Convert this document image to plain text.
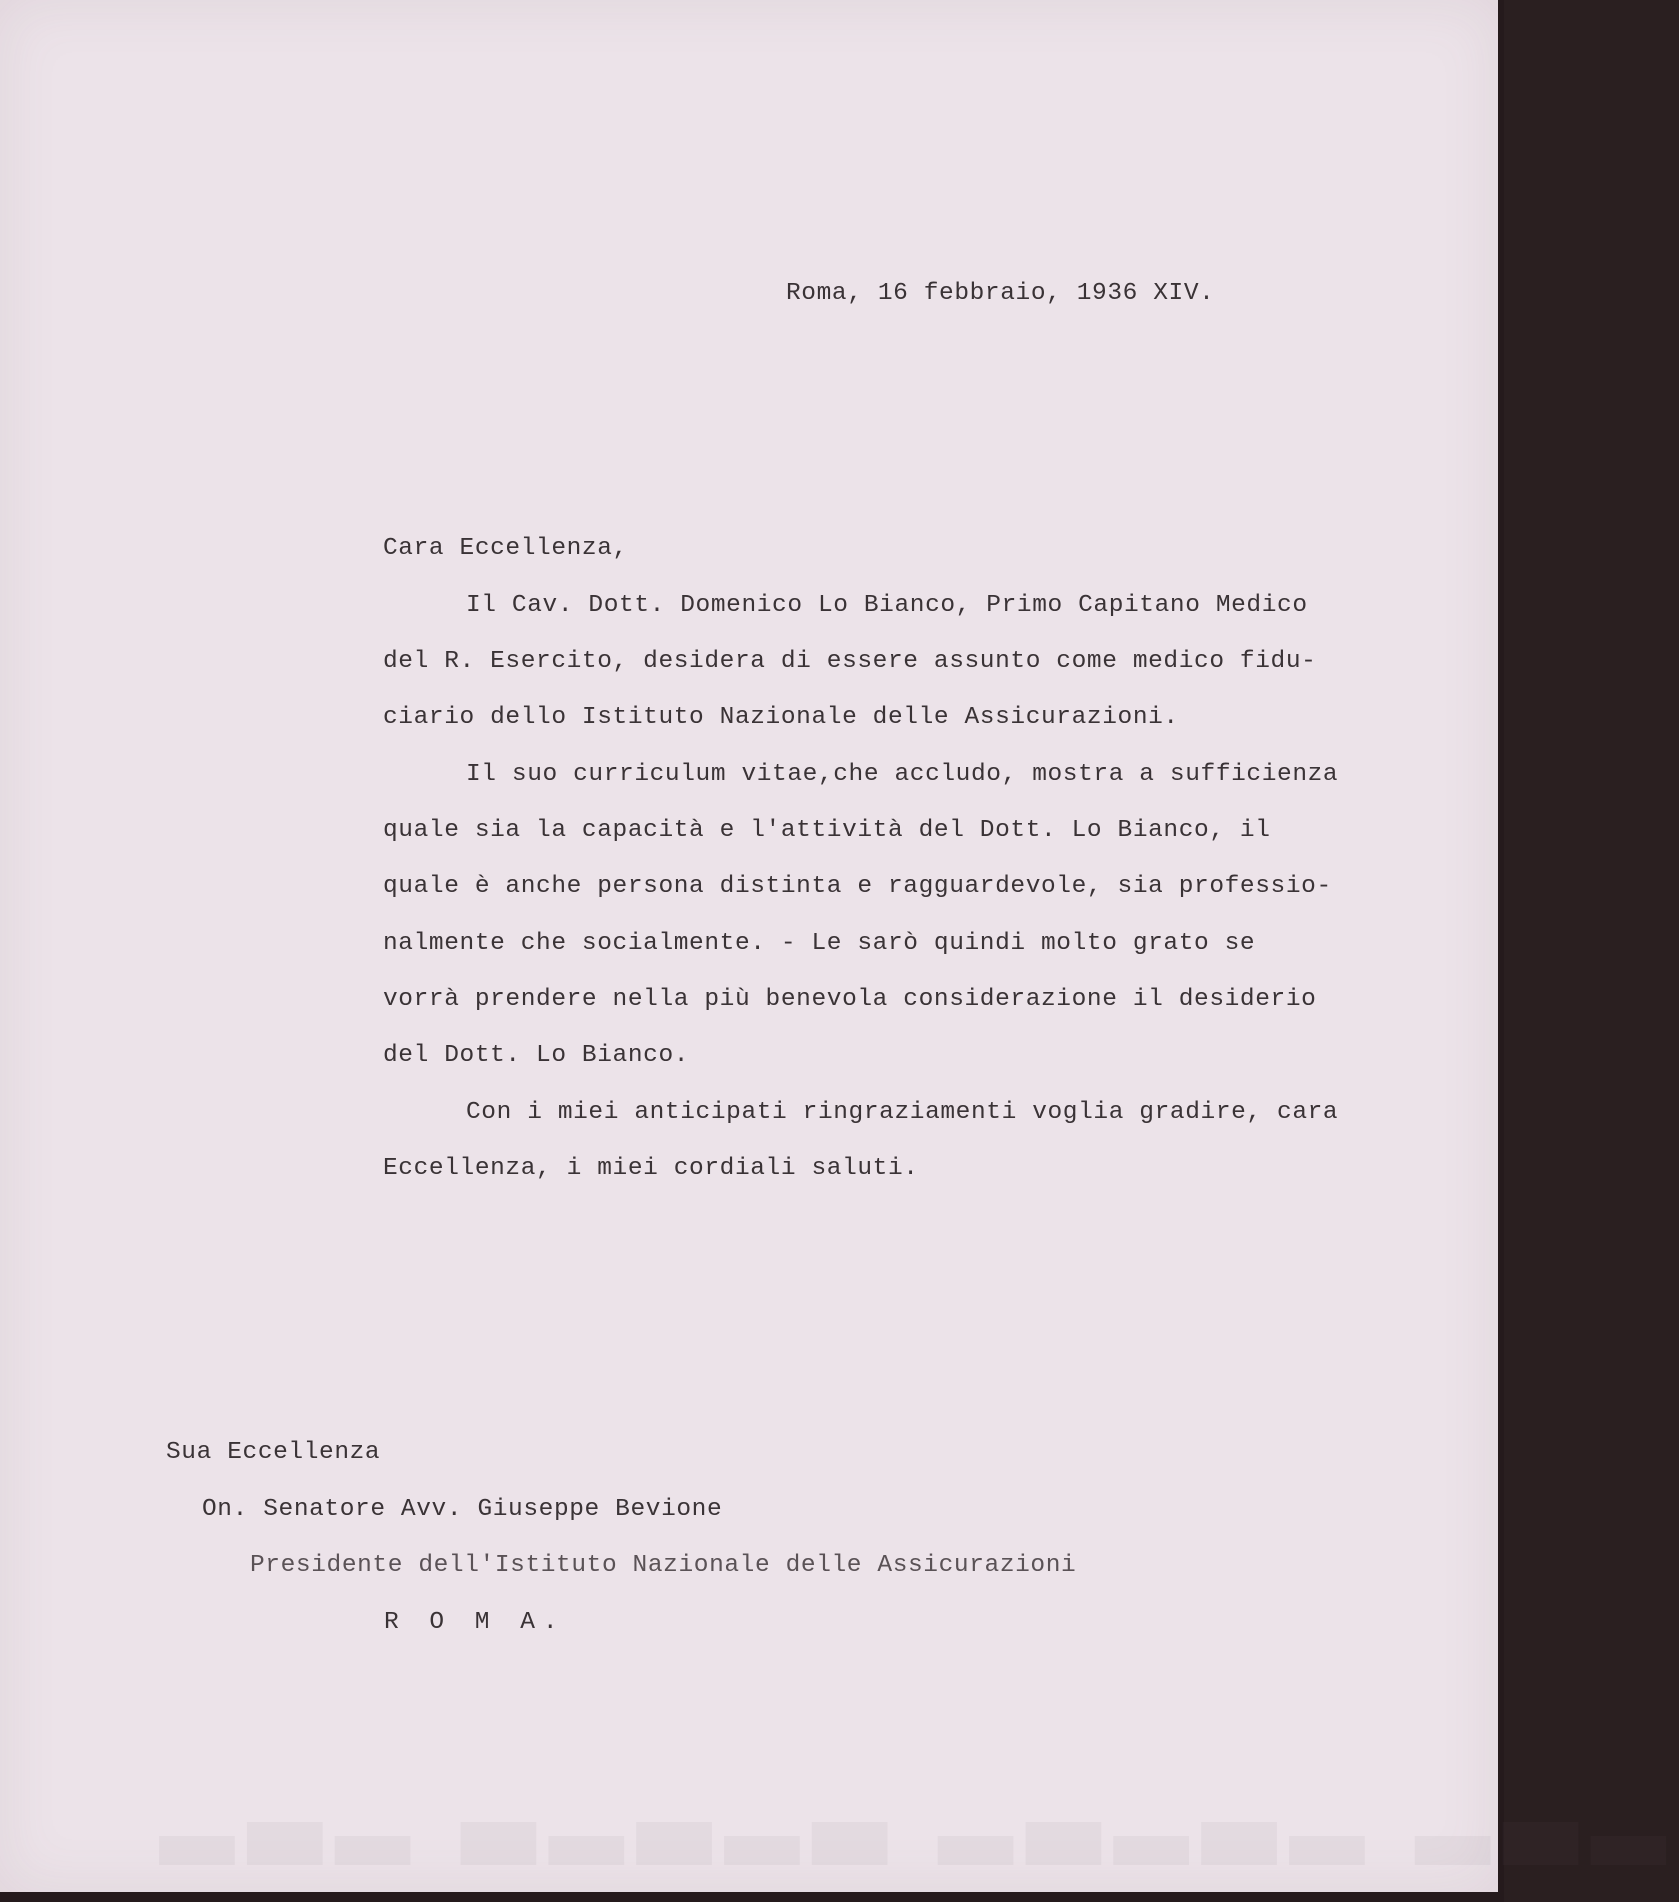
▂▃▂ ▃▂▃▂▃ ▂▃▂▃▂ ▂▃▂
Roma, 16 febbraio, 1936 XIV.
Cara Eccellenza,
Il Cav. Dott. Domenico Lo Bianco, Primo Capitano Medico
del R. Esercito, desidera di essere assunto come medico fidu-
ciario dello Istituto Nazionale delle Assicurazioni.
Il suo curriculum vitae,che accludo, mostra a sufficienza
quale sia la capacità e l'attività del Dott. Lo Bianco, il
quale è anche persona distinta e ragguardevole, sia professio-
nalmente che socialmente. - Le sarò quindi molto grato se
vorrà prendere nella più benevola considerazione il desiderio
del Dott. Lo Bianco.
Con i miei anticipati ringraziamenti voglia gradire, cara
Eccellenza, i miei cordiali saluti.
Sua Eccellenza
On. Senatore Avv. Giuseppe Bevione
Presidente dell'Istituto Nazionale delle Assicurazioni
R O M A.
